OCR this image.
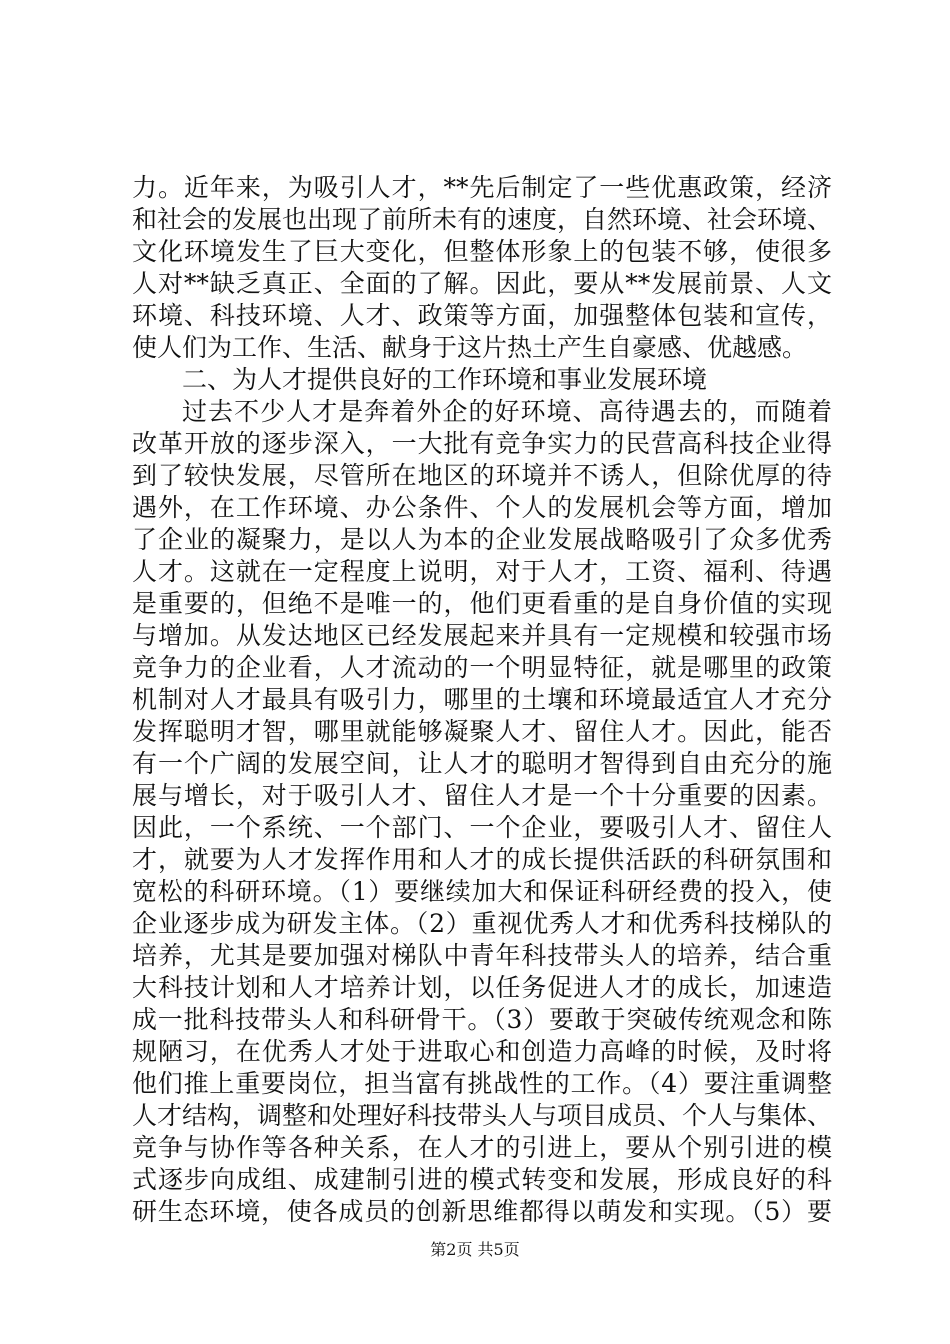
力。近年来，为吸引人才，**先后制定了一些优惠政策，经济
和社会的发展也出现了前所未有的速度，自然环境、社会环境、
文化环境发生了巨大变化，但整体形象上的包装不够，使很多
人对**缺乏真正、全面的了解。因此，要从**发展前景、人文
环境、科技环境、人才、政策等方面，加强整体包装和宣传，
使人们为工作、生活、献身于这片热土产生自豪感、优越感。
二、为人才提供良好的工作环境和事业发展环境
过去不少人才是奔着外企的好环境、高待遇去的，而随着
改革开放的逐步深入，一大批有竞争实力的民营高科技企业得
到了较快发展，尽管所在地区的环境并不诱人，但除优厚的待
遇外，在工作环境、办公条件、个人的发展机会等方面，增加
了企业的凝聚力，是以人为本的企业发展战略吸引了众多优秀
人才。这就在一定程度上说明，对于人才，工资、福利、待遇
是重要的，但绝不是唯一的，他们更看重的是自身价值的实现
与增加。从发达地区已经发展起来并具有一定规模和较强市场
竞争力的企业看，人才流动的一个明显特征，就是哪里的政策
机制对人才最具有吸引力，哪里的土壤和环境最适宜人才充分
发挥聪明才智，哪里就能够凝聚人才、留住人才。因此，能否
有一个广阔的发展空间，让人才的聪明才智得到自由充分的施
展与增长，对于吸引人才、留住人才是一个十分重要的因素。
因此，一个系统、一个部门、一个企业，要吸引人才、留住人
才，就要为人才发挥作用和人才的成长提供活跃的科研氛围和
宽松的科研环境。（1）要继续加大和保证科研经费的投入，使
企业逐步成为研发主体。（2）重视优秀人才和优秀科技梯队的
培养，尤其是要加强对梯队中青年科技带头人的培养，结合重
大科技计划和人才培养计划，以任务促进人才的成长，加速造
成一批科技带头人和科研骨干。（3）要敢于突破传统观念和陈
规陋习，在优秀人才处于进取心和创造力高峰的时候，及时将
他们推上重要岗位，担当富有挑战性的工作。（4）要注重调整
人才结构，调整和处理好科技带头人与项目成员、个人与集体、
竞争与协作等各种关系，在人才的引进上，要从个别引进的模
式逐步向成组、成建制引进的模式转变和发展，形成良好的科
研生态环境，使各成员的创新思维都得以萌发和实现。（5）要
第2页 共5页
